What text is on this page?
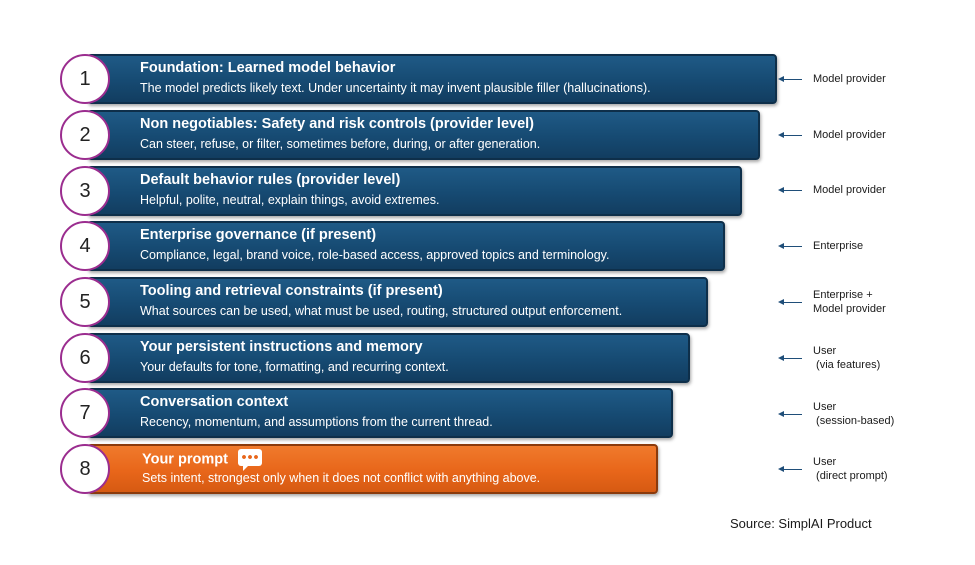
1	Foundation: Learned model behavior
The model predicts likely text. Under uncertainty it may invent plausible filler (hallucinations).
Model provider
2	Non negotiables: Safety and risk controls (provider level)
Can steer, refuse, or filter, sometimes before, during, or after generation.
Model provider
3	Default behavior rules (provider level)
Helpful, polite, neutral, explain things, avoid extremes.
Model provider
4	Enterprise governance (if present)
Compliance, legal, brand voice, role-based access, approved topics and terminology.
Enterprise
5	Tooling and retrieval constraints (if present)
What sources can be used, what must be used, routing, structured output enforcement.
Enterprise +
Model provider
6	Your persistent instructions and memory
Your defaults for tone, formatting, and recurring context.
User
(via features)
7	Conversation context
Recency, momentum, and assumptions from the current thread.
User
(session-based)
8	Your prompt
Sets intent, strongest only when it does not conflict with anything above.
User
(direct prompt)
Source: SimplAI Product
